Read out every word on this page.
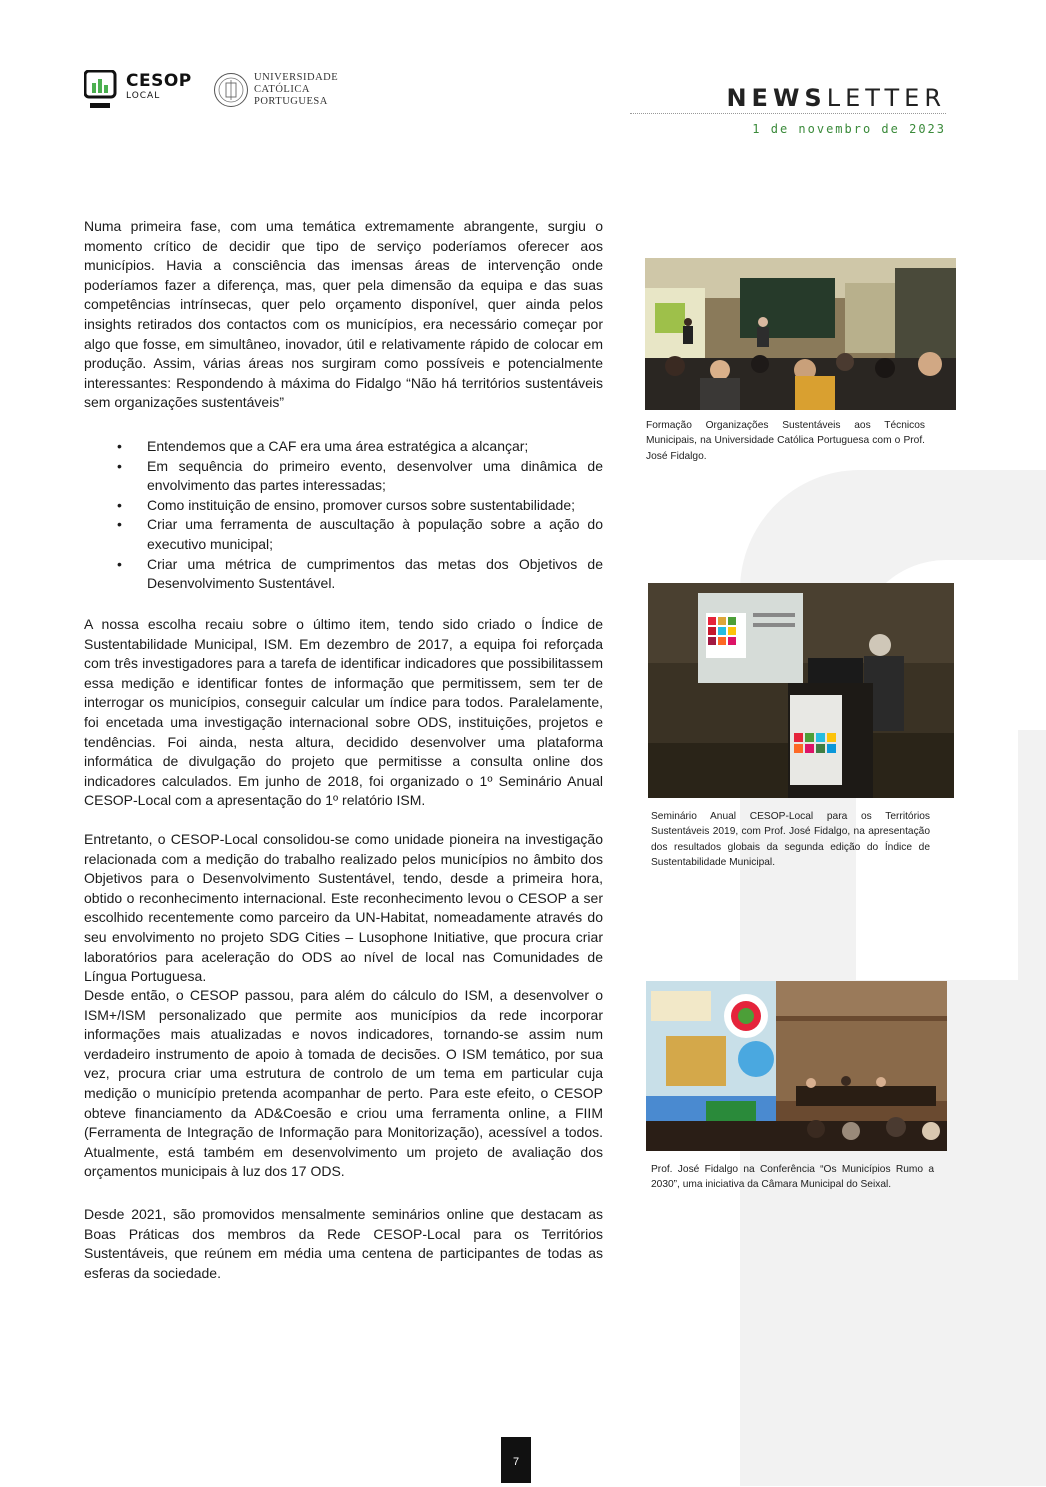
CESOP
LOCAL
UNIVERSIDADE
CATÓLICA
PORTUGUESA	NEWSLETTER
1 de novembro de 2023

Numa primeira fase, com uma temática extremamente abrangente, surgiu o momento crítico de decidir que tipo de serviço poderíamos oferecer aos municípios. Havia a consciência das imensas áreas de intervenção onde poderíamos fazer a diferença, mas, quer pela dimensão da equipa e das suas competências intrínsecas, quer pelo orçamento disponível, quer ainda pelos insights retirados dos contactos com os municípios, era necessário começar por algo que fosse, em simultâneo, inovador, útil e relativamente rápido de colocar em produção. Assim, várias áreas nos surgiram como possíveis e potencialmente interessantes: Respondendo à máxima do Fidalgo “Não há territórios sustentáveis sem organizações sustentáveis”

• Entendemos que a CAF era uma área estratégica a alcançar;
• Em sequência do primeiro evento, desenvolver uma dinâmica de envolvimento das partes interessadas;
• Como instituição de ensino, promover cursos sobre sustentabilidade;
• Criar uma ferramenta de auscultação à população sobre a ação do executivo municipal;
• Criar uma métrica de cumprimentos das metas dos Objetivos de Desenvolvimento Sustentável.

A nossa escolha recaiu sobre o último item, tendo sido criado o Índice de Sustentabilidade Municipal, ISM. Em dezembro de 2017, a equipa foi reforçada com três investigadores para a tarefa de identificar indicadores que possibilitassem essa medição e identificar fontes de informação que permitissem, sem ter de interrogar os municípios, conseguir calcular um índice para todos. Paralelamente, foi encetada uma investigação internacional sobre ODS, instituições, projetos e tendências. Foi ainda, nesta altura, decidido desenvolver uma plataforma informática de divulgação do projeto que permitisse a consulta online dos indicadores calculados. Em junho de 2018, foi organizado o 1º Seminário Anual CESOP-Local com a apresentação do 1º relatório ISM.

Entretanto, o CESOP-Local consolidou-se como unidade pioneira na investigação relacionada com a medição do trabalho realizado pelos municípios no âmbito dos Objetivos para o Desenvolvimento Sustentável, tendo, desde a primeira hora, obtido o reconhecimento internacional. Este reconhecimento levou o CESOP a ser escolhido recentemente como parceiro da UN-Habitat, nomeadamente através do seu envolvimento no projeto SDG Cities – Lusophone Initiative, que procura criar laboratórios para aceleração do ODS ao nível de local nas Comunidades de Língua Portuguesa.

Desde então, o CESOP passou, para além do cálculo do ISM, a desenvolver o ISM+/ISM personalizado que permite aos municípios da rede incorporar informações mais atualizadas e novos indicadores, tornando-se assim num verdadeiro instrumento de apoio à tomada de decisões. O ISM temático, por sua vez, procura criar uma estrutura de controlo de um tema em particular cuja medição o município pretenda acompanhar de perto. Para este efeito, o CESOP obteve financiamento da AD&Coesão e criou uma ferramenta online, a FIIM (Ferramenta de Integração de Informação para Monitorização), acessível a todos. Atualmente, está também em desenvolvimento um projeto de avaliação dos orçamentos municipais à luz dos 17 ODS.

Desde 2021, são promovidos mensalmente seminários online que destacam as Boas Práticas dos membros da Rede CESOP-Local para os Territórios Sustentáveis, que reúnem em média uma centena de participantes de todas as esferas da sociedade.

Formação Organizações Sustentáveis aos Técnicos Municipais, na Universidade Católica Portuguesa com o Prof. José Fidalgo.
Seminário Anual CESOP-Local para os Territórios Sustentáveis 2019, com Prof. José Fidalgo, na apresentação dos resultados globais da segunda edição do Índice de Sustentabilidade Municipal.
Prof. José Fidalgo na Conferência “Os Municípios Rumo a 2030”, uma iniciativa da Câmara Municipal do Seixal.
7
